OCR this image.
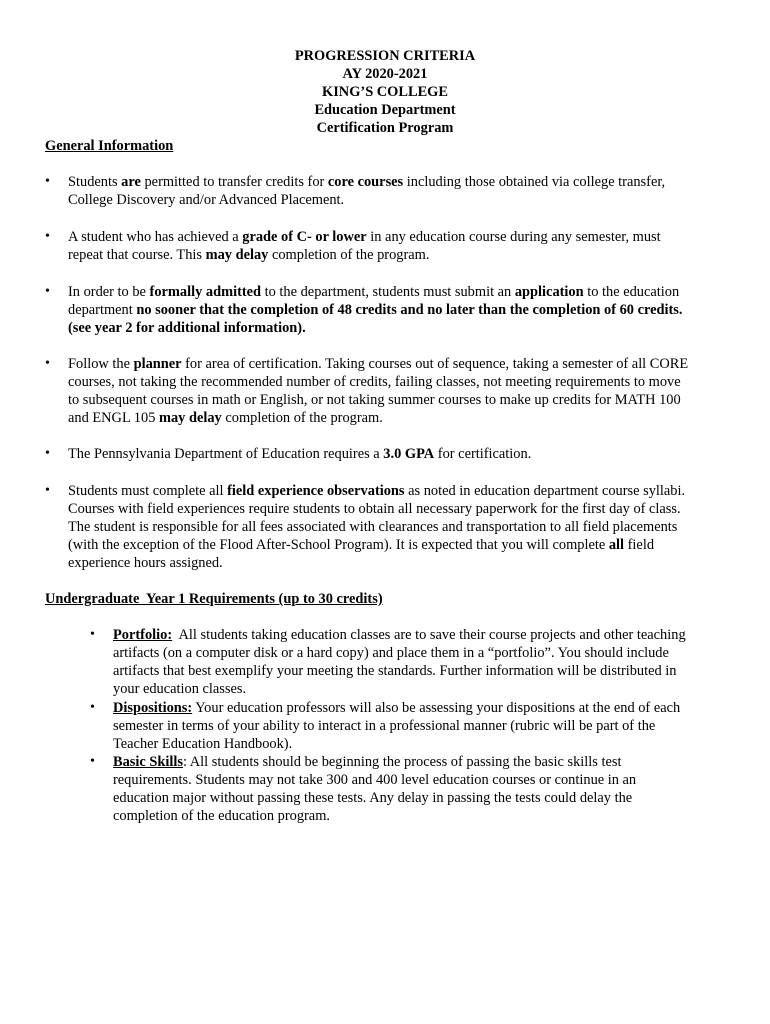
PROGRESSION CRITERIA
AY 2020-2021
KING’S COLLEGE
Education Department
Certification Program
General Information
• Students are permitted to transfer credits for core courses including those obtained via college transfer,
College Discovery and/or Advanced Placement.
• A student who has achieved a grade of C- or lower in any education course during any semester, must
repeat that course. This may delay completion of the program.
• In order to be formally admitted to the department, students must submit an application to the education
department no sooner that the completion of 48 credits and no later than the completion of 60 credits.
(see year 2 for additional information).
• Follow the planner for area of certification. Taking courses out of sequence, taking a semester of all CORE
courses, not taking the recommended number of credits, failing classes, not meeting requirements to move
to subsequent courses in math or English, or not taking summer courses to make up credits for MATH 100
and ENGL 105 may delay completion of the program.
• The Pennsylvania Department of Education requires a 3.0 GPA for certification.
• Students must complete all field experience observations as noted in education department course syllabi.
Courses with field experiences require students to obtain all necessary paperwork for the first day of class.
The student is responsible for all fees associated with clearances and transportation to all field placements
(with the exception of the Flood After-School Program). It is expected that you will complete all field
experience hours assigned.
Undergraduate  Year 1 Requirements (up to 30 credits)
• Portfolio:  All students taking education classes are to save their course projects and other teaching
artifacts (on a computer disk or a hard copy) and place them in a “portfolio”. You should include
artifacts that best exemplify your meeting the standards. Further information will be distributed in
your education classes.
• Dispositions: Your education professors will also be assessing your dispositions at the end of each
semester in terms of your ability to interact in a professional manner (rubric will be part of the
Teacher Education Handbook).
• Basic Skills: All students should be beginning the process of passing the basic skills test
requirements. Students may not take 300 and 400 level education courses or continue in an
education major without passing these tests. Any delay in passing the tests could delay the
completion of the education program.
